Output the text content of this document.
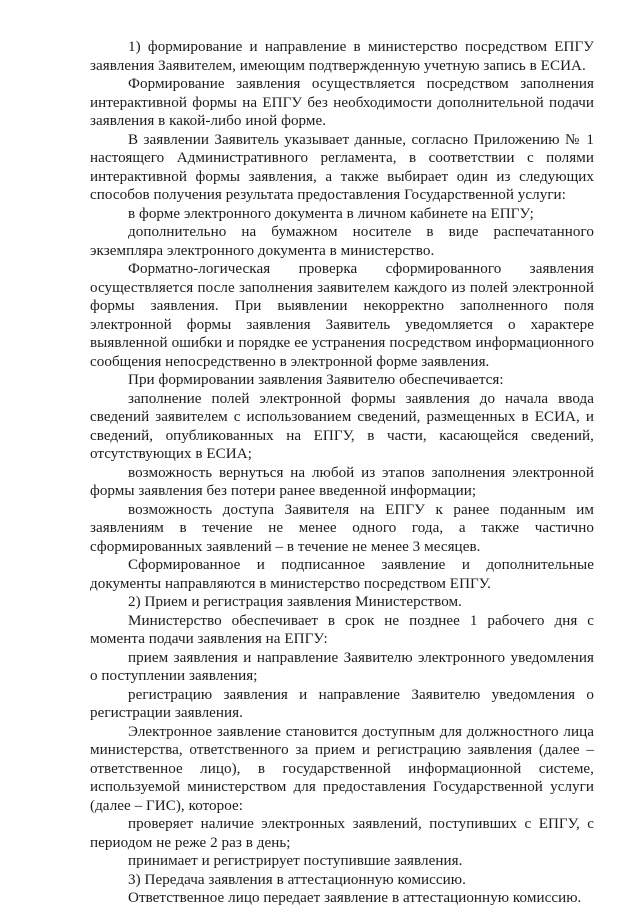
1) формирование и направление в министерство посредством ЕПГУ заявления Заявителем, имеющим подтвержденную учетную запись в ЕСИА.

Формирование заявления осуществляется посредством заполнения интерактивной формы на ЕПГУ без необходимости дополнительной подачи заявления в какой-либо иной форме.

В заявлении Заявитель указывает данные, согласно Приложению № 1 настоящего Административного регламента, в соответствии с полями интерактивной формы заявления, а также выбирает один из следующих способов получения результата предоставления Государственной услуги:

в форме электронного документа в личном кабинете на ЕПГУ;

дополнительно на бумажном носителе в виде распечатанного экземпляра электронного документа в министерство.

Форматно-логическая проверка сформированного заявления осуществляется после заполнения заявителем каждого из полей электронной формы заявления. При выявлении некорректно заполненного поля электронной формы заявления Заявитель уведомляется о характере выявленной ошибки и порядке ее устранения посредством информационного сообщения непосредственно в электронной форме заявления.

При формировании заявления Заявителю обеспечивается:

заполнение полей электронной формы заявления до начала ввода сведений заявителем с использованием сведений, размещенных в ЕСИА, и сведений, опубликованных на ЕПГУ, в части, касающейся сведений, отсутствующих в ЕСИА;

возможность вернуться на любой из этапов заполнения электронной формы заявления без потери ранее введенной информации;

возможность доступа Заявителя на ЕПГУ к ранее поданным им заявлениям в течение не менее одного года, а также частично сформированных заявлений – в течение не менее 3 месяцев.

Сформированное и подписанное заявление и дополнительные документы направляются в министерство посредством ЕПГУ.

2) Прием и регистрация заявления Министерством.

Министерство обеспечивает в срок не позднее 1 рабочего дня с момента подачи заявления на ЕПГУ:

прием заявления и направление Заявителю электронного уведомления о поступлении заявления;

регистрацию заявления и направление Заявителю уведомления о регистрации заявления.

Электронное заявление становится доступным для должностного лица министерства, ответственного за прием и регистрацию заявления (далее – ответственное лицо), в государственной информационной системе, используемой министерством для предоставления Государственной услуги (далее – ГИС), которое:

проверяет наличие электронных заявлений, поступивших с ЕПГУ, с периодом не реже 2 раз в день;

принимает и регистрирует поступившие заявления.

3) Передача заявления в аттестационную комиссию.

Ответственное лицо передает заявление в аттестационную комиссию.
